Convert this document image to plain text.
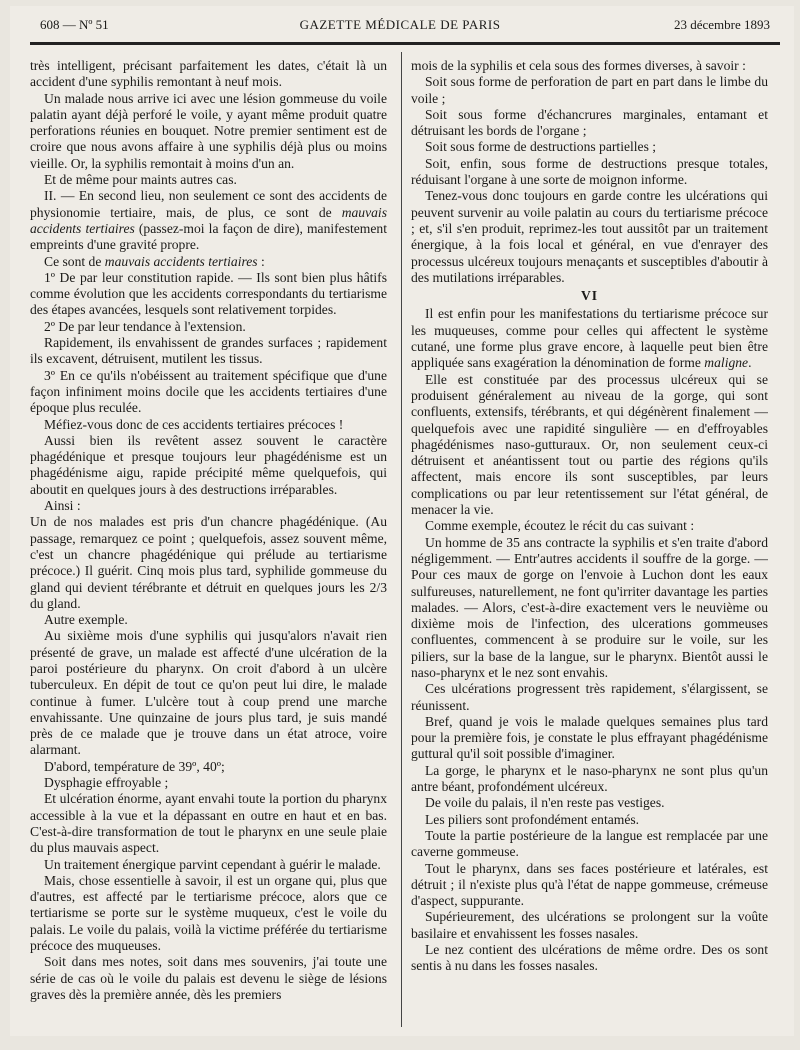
608 — Nº 51	GAZETTE MÉDICALE DE PARIS	23 décembre 1893

très intelligent, précisant parfaitement les dates, c'était là un accident d'une syphilis remontant à neuf mois.

Un malade nous arrive ici avec une lésion gommeuse du voile palatin ayant déjà perforé le voile, y ayant même produit quatre perforations réunies en bouquet. Notre premier sentiment est de croire que nous avons affaire à une syphilis déjà plus ou moins vieille. Or, la syphilis remontait à moins d'un an.

Et de même pour maints autres cas.

II. — En second lieu, non seulement ce sont des accidents de physionomie tertiaire, mais, de plus, ce sont de mauvais accidents tertiaires (passez-moi la façon de dire), manifestement empreints d'une gravité propre.

Ce sont de mauvais accidents tertiaires :

1º De par leur constitution rapide. — Ils sont bien plus hâtifs comme évolution que les accidents correspondants du tertiarisme des étapes avancées, lesquels sont relativement torpides.

2º De par leur tendance à l'extension.

Rapidement, ils envahissent de grandes surfaces ; rapidement ils excavent, détruisent, mutilent les tissus.

3º En ce qu'ils n'obéissent au traitement spécifique que d'une façon infiniment moins docile que les accidents tertiaires d'une époque plus reculée.

Méfiez-vous donc de ces accidents tertiaires précoces !

Aussi bien ils revêtent assez souvent le caractère phagédénique et presque toujours leur phagédénisme est un phagédénisme aigu, rapide précipité même quelquefois, qui aboutit en quelques jours à des destructions irréparables.

Ainsi :

Un de nos malades est pris d'un chancre phagédénique. (Au passage, remarquez ce point ; quelquefois, assez souvent même, c'est un chancre phagédénique qui prélude au tertiarisme précoce.) Il guérit. Cinq mois plus tard, syphilide gommeuse du gland qui devient térébrante et détruit en quelques jours les 2/3 du gland.

Autre exemple.

Au sixième mois d'une syphilis qui jusqu'alors n'avait rien présenté de grave, un malade est affecté d'une ulcération de la paroi postérieure du pharynx. On croit d'abord à un ulcère tuberculeux. En dépit de tout ce qu'on peut lui dire, le malade continue à fumer. L'ulcère tout à coup prend une marche envahissante. Une quinzaine de jours plus tard, je suis mandé près de ce malade que je trouve dans un état atroce, voire alarmant.

D'abord, température de 39º, 40º;

Dysphagie effroyable ;

Et ulcération énorme, ayant envahi toute la portion du pharynx accessible à la vue et la dépassant en outre en haut et en bas. C'est-à-dire transformation de tout le pharynx en une seule plaie du plus mauvais aspect.

Un traitement énergique parvint cependant à guérir le malade.

Mais, chose essentielle à savoir, il est un organe qui, plus que d'autres, est affecté par le tertiarisme précoce, alors que ce tertiarisme se porte sur le système muqueux, c'est le voile du palais. Le voile du palais, voilà la victime préférée du tertiarisme précoce des muqueuses.

Soit dans mes notes, soit dans mes souvenirs, j'ai toute une série de cas où le voile du palais est devenu le siège de lésions graves dès la première année, dès les premiers

mois de la syphilis et cela sous des formes diverses, à savoir :

Soit sous forme de perforation de part en part dans le limbe du voile ;

Soit sous forme d'échancrures marginales, entamant et détruisant les bords de l'organe ;

Soit sous forme de destructions partielles ;

Soit, enfin, sous forme de destructions presque totales, réduisant l'organe à une sorte de moignon informe.

Tenez-vous donc toujours en garde contre les ulcérations qui peuvent survenir au voile palatin au cours du tertiarisme précoce ; et, s'il s'en produit, reprimez-les tout aussitôt par un traitement énergique, à la fois local et général, en vue d'enrayer des processus ulcéreux toujours menaçants et susceptibles d'aboutir à des mutilations irréparables.

VI

Il est enfin pour les manifestations du tertiarisme précoce sur les muqueuses, comme pour celles qui affectent le système cutané, une forme plus grave encore, à laquelle peut bien être appliquée sans exagération la dénomination de forme maligne.

Elle est constituée par des processus ulcéreux qui se produisent généralement au niveau de la gorge, qui sont confluents, extensifs, térébrants, et qui dégénèrent finalement — quelquefois avec une rapidité singulière — en d'effroyables phagédénismes naso-gutturaux. Or, non seulement ceux-ci détruisent et anéantissent tout ou partie des régions qu'ils affectent, mais encore ils sont susceptibles, par leurs complications ou par leur retentissement sur l'état général, de menacer la vie.

Comme exemple, écoutez le récit du cas suivant :

Un homme de 35 ans contracte la syphilis et s'en traite d'abord négligemment. — Entr'autres accidents il souffre de la gorge. — Pour ces maux de gorge on l'envoie à Luchon dont les eaux sulfureuses, naturellement, ne font qu'irriter davantage les parties malades. — Alors, c'est-à-dire exactement vers le neuvième ou dixième mois de l'infection, des ulcerations gommeuses confluentes, commencent à se produire sur le voile, sur les piliers, sur la base de la langue, sur le pharynx. Bientôt aussi le naso-pharynx et le nez sont envahis.

Ces ulcérations progressent très rapidement, s'élargissent, se réunissent.

Bref, quand je vois le malade quelques semaines plus tard pour la première fois, je constate le plus effrayant phagédénisme guttural qu'il soit possible d'imaginer.

La gorge, le pharynx et le naso-pharynx ne sont plus qu'un antre béant, profondément ulcéreux.

De voile du palais, il n'en reste pas vestiges.

Les piliers sont profondément entamés.

Toute la partie postérieure de la langue est remplacée par une caverne gommeuse.

Tout le pharynx, dans ses faces postérieure et latérales, est détruit ; il n'existe plus qu'à l'état de nappe gommeuse, crémeuse d'aspect, suppurante.

Supérieurement, des ulcérations se prolongent sur la voûte basilaire et envahissent les fosses nasales.

Le nez contient des ulcérations de même ordre. Des os sont sentis à nu dans les fosses nasales.
